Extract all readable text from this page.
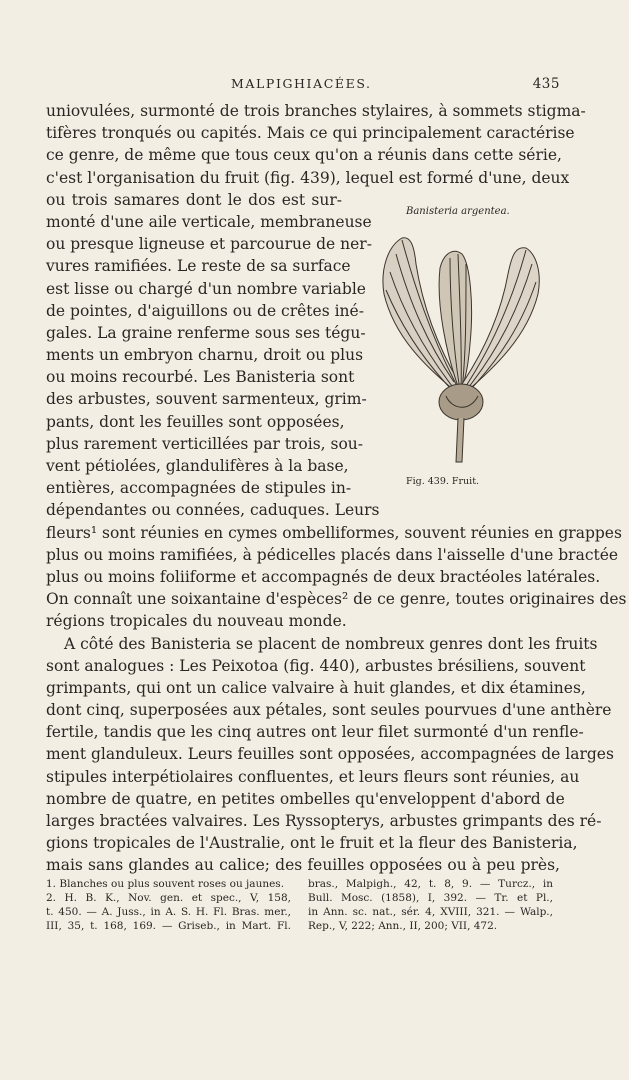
MALPIGHIACÉES.	435
uniovulées, surmonté de trois branches stylaires, à sommets stigma-
tifères tronqués ou capités. Mais ce qui principalement caractérise
ce genre, de même que tous ceux qu'on a réunis dans cette série,
c'est l'organisation du fruit (fig. 439), lequel est formé d'une, deux
ou trois samares dont le dos est sur-
monté d'une aile verticale, membraneuse
ou presque ligneuse et parcourue de ner-
vures ramifiées. Le reste de sa surface
est lisse ou chargé d'un nombre variable
de pointes, d'aiguillons ou de crêtes iné-
gales. La graine renferme sous ses tégu-
ments un embryon charnu, droit ou plus
ou moins recourbé. Les Banisteria sont
des arbustes, souvent sarmenteux, grim-
pants, dont les feuilles sont opposées,
plus rarement verticillées par trois, sou-
vent pétiolées, glandulifères à la base,
entières, accompagnées de stipules in-
dépendantes ou connées, caduques. Leurs
fleurs¹ sont réunies en cymes ombelliformes, souvent réunies en grappes
plus ou moins ramifiées, à pédicelles placés dans l'aisselle d'une bractée
plus ou moins foliiforme et accompagnés de deux bractéoles latérales.
On connaît une soixantaine d'espèces² de ce genre, toutes originaires des
régions tropicales du nouveau monde.
A côté des Banisteria se placent de nombreux genres dont les fruits
sont analogues : Les Peixotoa (fig. 440), arbustes brésiliens, souvent
grimpants, qui ont un calice valvaire à huit glandes, et dix étamines,
dont cinq, superposées aux pétales, sont seules pourvues d'une anthère
fertile, tandis que les cinq autres ont leur filet surmonté d'un renfle-
ment glanduleux. Leurs feuilles sont opposées, accompagnées de larges
stipules interpétiolaires confluentes, et leurs fleurs sont réunies, au
nombre de quatre, en petites ombelles qu'enveloppent d'abord de
larges bractées valvaires. Les Ryssopterys, arbustes grimpants des ré-
gions tropicales de l'Australie, ont le fruit et la fleur des Banisteria,
mais sans glandes au calice; des feuilles opposées ou à peu près,
Banisteria argentea.
Fig. 439. Fruit.
1. Blanches ou plus souvent roses ou jaunes.
2. H. B. K., Nov. gen. et spec., V, 158,
t. 450. — A. Juss., in A. S. H. Fl. Bras. mer.,
III, 35, t. 168, 169. — Griseb., in Mart. Fl.
bras., Malpigh., 42, t. 8, 9. — Turcz., in
Bull. Mosc. (1858), I, 392. — Tr. et Pl.,
in Ann. sc. nat., sér. 4, XVIII, 321. — Walp.,
Rep., V, 222; Ann., II, 200; VII, 472.
